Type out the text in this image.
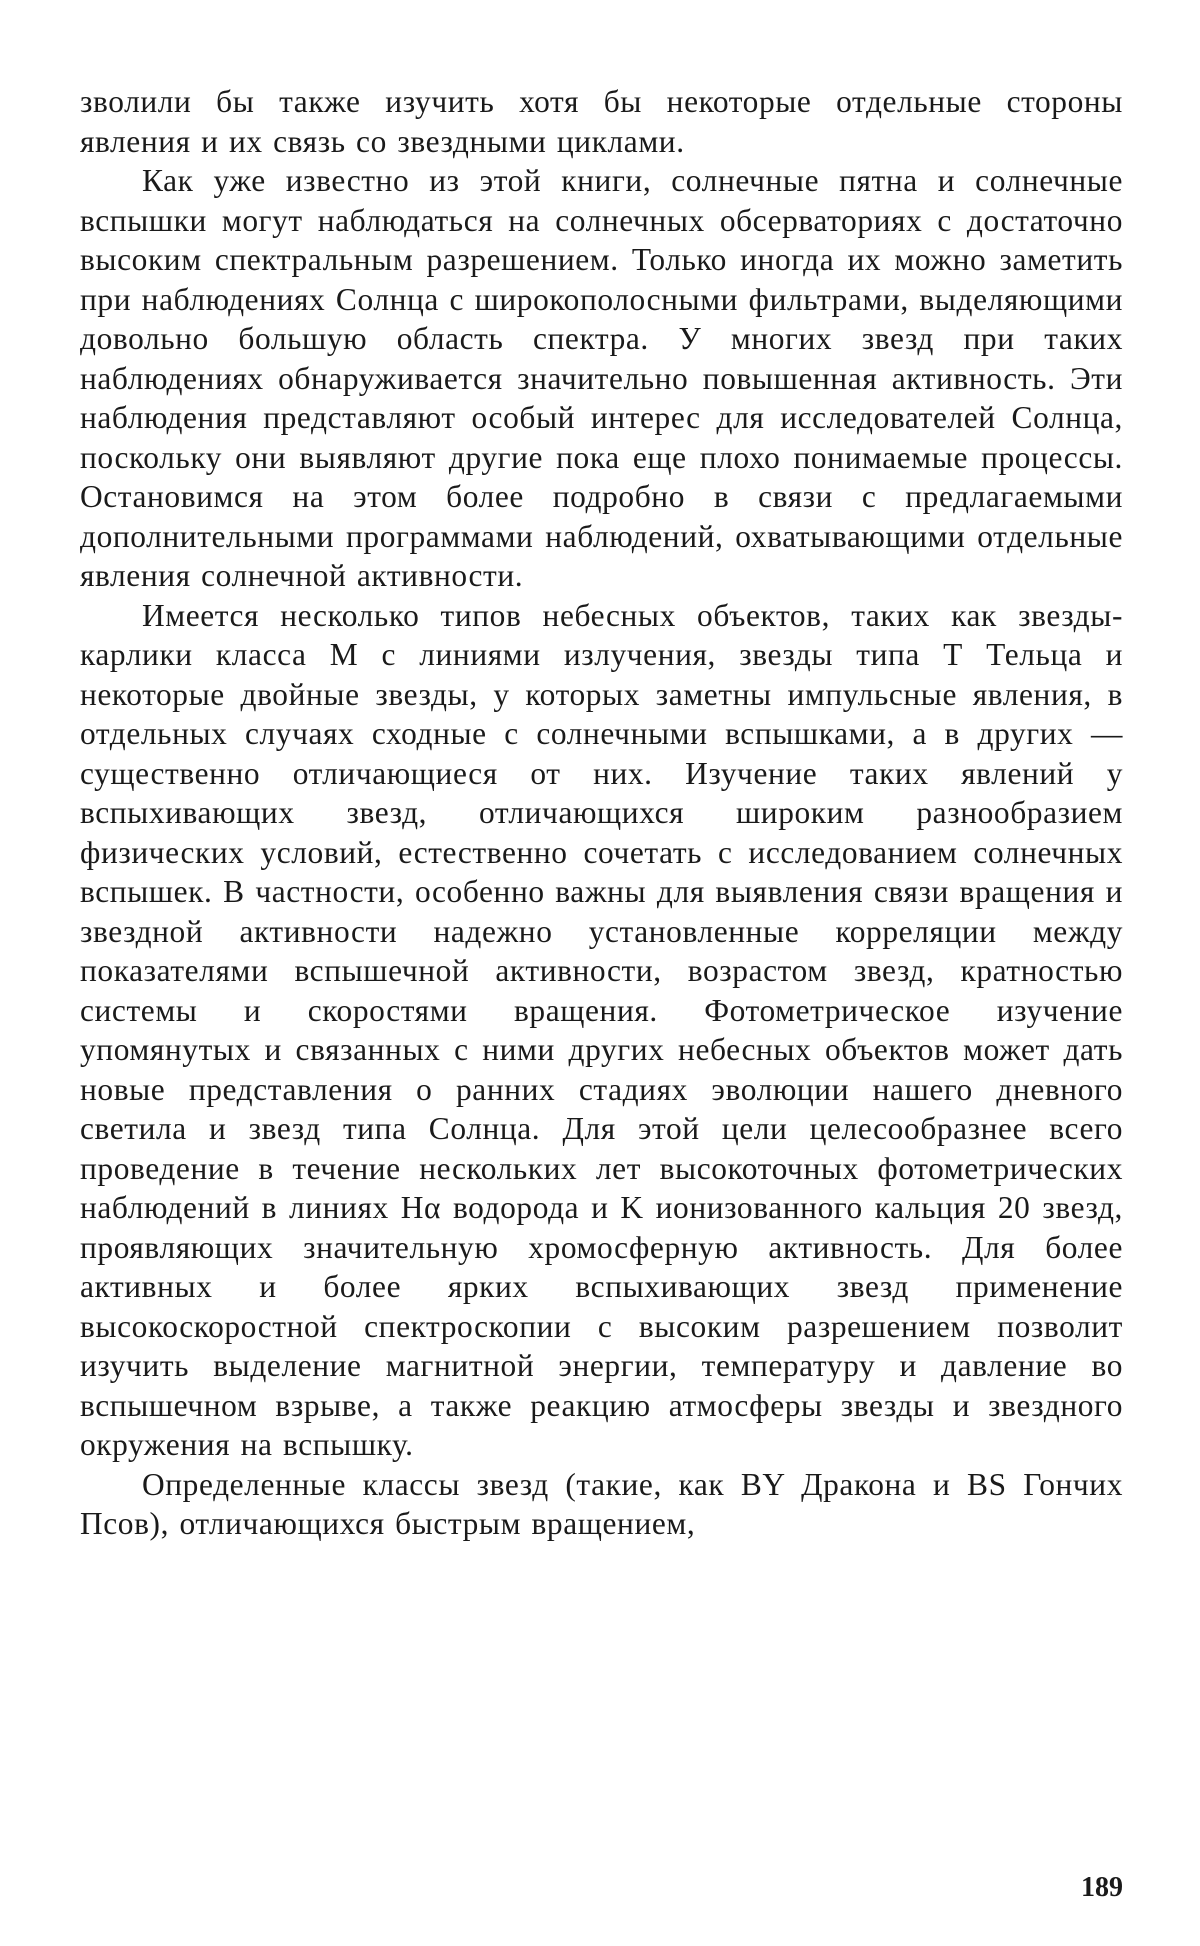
зволили бы также изучить хотя бы некоторые отдельные стороны явления и их связь со звездными циклами.

Как уже известно из этой книги, солнечные пятна и солнечные вспышки могут наблюдаться на солнечных обсерваториях с достаточно высоким спектральным разрешением. Только иногда их можно заметить при наблюдениях Солнца с широкополосными фильтрами, выделяющими довольно большую область спектра. У многих звезд при таких наблюдениях обнаруживается значительно повышенная активность. Эти наблюдения представляют особый интерес для исследователей Солнца, поскольку они выявляют другие пока еще плохо понимаемые процессы. Остановимся на этом более подробно в связи с предлагаемыми дополнительными программами наблюдений, охватывающими отдельные явления солнечной активности.

Имеется несколько типов небесных объектов, таких как звезды-карлики класса М с линиями излучения, звезды типа Т Тельца и некоторые двойные звезды, у которых заметны импульсные явления, в отдельных случаях сходные с солнечными вспышками, а в других — существенно отличающиеся от них. Изучение таких явлений у вспыхивающих звезд, отличающихся широким разнообразием физических условий, естественно сочетать с исследованием солнечных вспышек. В частности, особенно важны для выявления связи вращения и звездной активности надежно установленные корреляции между показателями вспышечной активности, возрастом звезд, кратностью системы и скоростями вращения. Фотометрическое изучение упомянутых и связанных с ними других небесных объектов может дать новые представления о ранних стадиях эволюции нашего дневного светила и звезд типа Солнца. Для этой цели целесообразнее всего проведение в течение нескольких лет высокоточных фотометрических наблюдений в линиях Hα водорода и K ионизованного кальция 20 звезд, проявляющих значительную хромосферную активность. Для более активных и более ярких вспыхивающих звезд применение высокоскоростной спектроскопии с высоким разрешением позволит изучить выделение магнитной энергии, температуру и давление во вспышечном взрыве, а также реакцию атмосферы звезды и звездного окружения на вспышку.

Определенные классы звезд (такие, как BY Дракона и BS Гончих Псов), отличающихся быстрым вращением,

189
